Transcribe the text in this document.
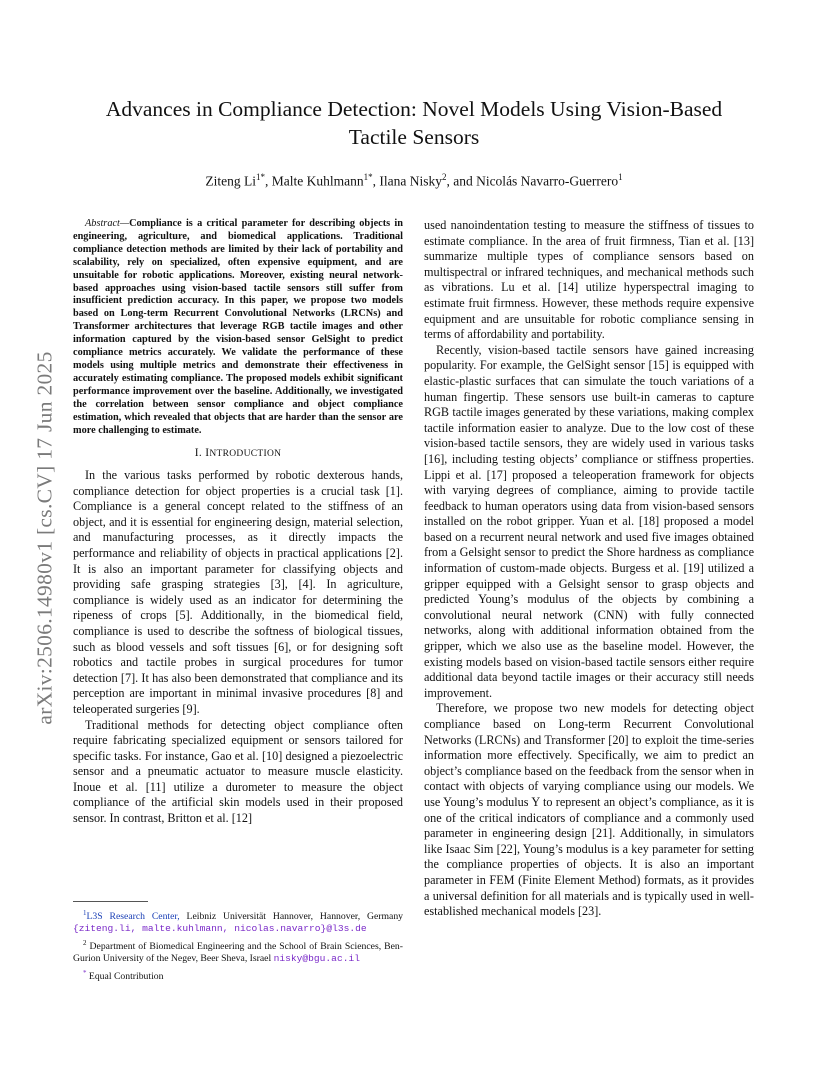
arXiv:2506.14980v1 [cs.CV] 17 Jun 2025
Advances in Compliance Detection: Novel Models Using Vision-Based Tactile Sensors
Ziteng $Li^{1*}$, Malte Kuhlmann$^{1*}$, Ilana Nisky$^2$, and Nicolás Navarro-Guerrero$^1$

Abstract—Compliance is a critical parameter for describing objects in engineering, agriculture, and biomedical applications. Traditional compliance detection methods are limited by their lack of portability and scalability, rely on specialized, often expensive equipment, and are unsuitable for robotic applications. Moreover, existing neural network-based approaches using vision-based tactile sensors still suffer from insufficient prediction accuracy. In this paper, we propose two models based on Long-term Recurrent Convolutional Networks (LRCNs) and Transformer architectures that leverage RGB tactile images and other information captured by the vision-based sensor GelSight to predict compliance metrics accurately. We validate the performance of these models using multiple metrics and demonstrate their effectiveness in accurately estimating compliance. The proposed models exhibit significant performance improvement over the baseline. Additionally, we investigated the correlation between sensor compliance and object compliance estimation, which revealed that objects that are harder than the sensor are more challenging to estimate.

I. INTRODUCTION

In the various tasks performed by robotic dexterous hands, compliance detection for object properties is a crucial task [1]. Compliance is a general concept related to the stiffness of an object, and it is essential for engineering design, material selection, and manufacturing processes, as it directly impacts the performance and reliability of objects in practical applications [2]. It is also an important parameter for classifying objects and providing safe grasping strategies [3], [4]. In agriculture, compliance is widely used as an indicator for determining the ripeness of crops [5]. Additionally, in the biomedical field, compliance is used to describe the softness of biological tissues, such as blood vessels and soft tissues [6], or for designing soft robotics and tactile probes in surgical procedures for tumor detection [7]. It has also been demonstrated that compliance and its perception are important in minimal invasive procedures [8] and teleoperated surgeries [9].

Traditional methods for detecting object compliance often require fabricating specialized equipment or sensors tailored for specific tasks. For instance, Gao et al. [10] designed a piezoelectric sensor and a pneumatic actuator to measure muscle elasticity. Inoue et al. [11] utilize a durometer to measure the object compliance of the artificial skin models used in their proposed sensor. In contrast, Britton et al. [12]

$^1$L3S Research Center, Leibniz Universität Hannover, Hannover, Germany {ziteng.li, malte.kuhlmann, nicolas.navarro}@l3s.de

$^2$ Department of Biomedical Engineering and the School of Brain Sciences, Ben-Gurion University of the Negev, Beer Sheva, Israel nisky@bgu.ac.il

* Equal Contribution

used nanoindentation testing to measure the stiffness of tissues to estimate compliance. In the area of fruit firmness, Tian et al. [13] summarize multiple types of compliance sensors based on multispectral or infrared techniques, and mechanical methods such as vibrations. Lu et al. [14] utilize hyperspectral imaging to estimate fruit firmness. However, these methods require expensive equipment and are unsuitable for robotic compliance sensing in terms of affordability and portability.

Recently, vision-based tactile sensors have gained increasing popularity. For example, the GelSight sensor [15] is equipped with elastic-plastic surfaces that can simulate the touch variations of a human fingertip. These sensors use built-in cameras to capture RGB tactile images generated by these variations, making complex tactile information easier to analyze. Due to the low cost of these vision-based tactile sensors, they are widely used in various tasks [16], including testing objects’ compliance or stiffness properties. Lippi et al. [17] proposed a teleoperation framework for objects with varying degrees of compliance, aiming to provide tactile feedback to human operators using data from vision-based sensors installed on the robot gripper. Yuan et al. [18] proposed a model based on a recurrent neural network and used five images obtained from a Gelsight sensor to predict the Shore hardness as compliance information of custom-made objects. Burgess et al. [19] utilized a gripper equipped with a Gelsight sensor to grasp objects and predicted Young’s modulus of the objects by combining a convolutional neural network (CNN) with fully connected networks, along with additional information obtained from the gripper, which we also use as the baseline model. However, the existing models based on vision-based tactile sensors either require additional data beyond tactile images or their accuracy still needs improvement.

Therefore, we propose two new models for detecting object compliance based on Long-term Recurrent Convolutional Networks (LRCNs) and Transformer [20] to exploit the time-series information more effectively. Specifically, we aim to predict an object’s compliance based on the feedback from the sensor when in contact with objects of varying compliance using our models. We use Young’s modulus Y to represent an object’s compliance, as it is one of the critical indicators of compliance and a commonly used parameter in engineering design [21]. Additionally, in simulators like Isaac Sim [22], Young’s modulus is a key parameter for setting the compliance properties of objects. It is also an important parameter in FEM (Finite Element Method) formats, as it provides a universal definition for all materials and is typically used in well-established mechanical models [23].
